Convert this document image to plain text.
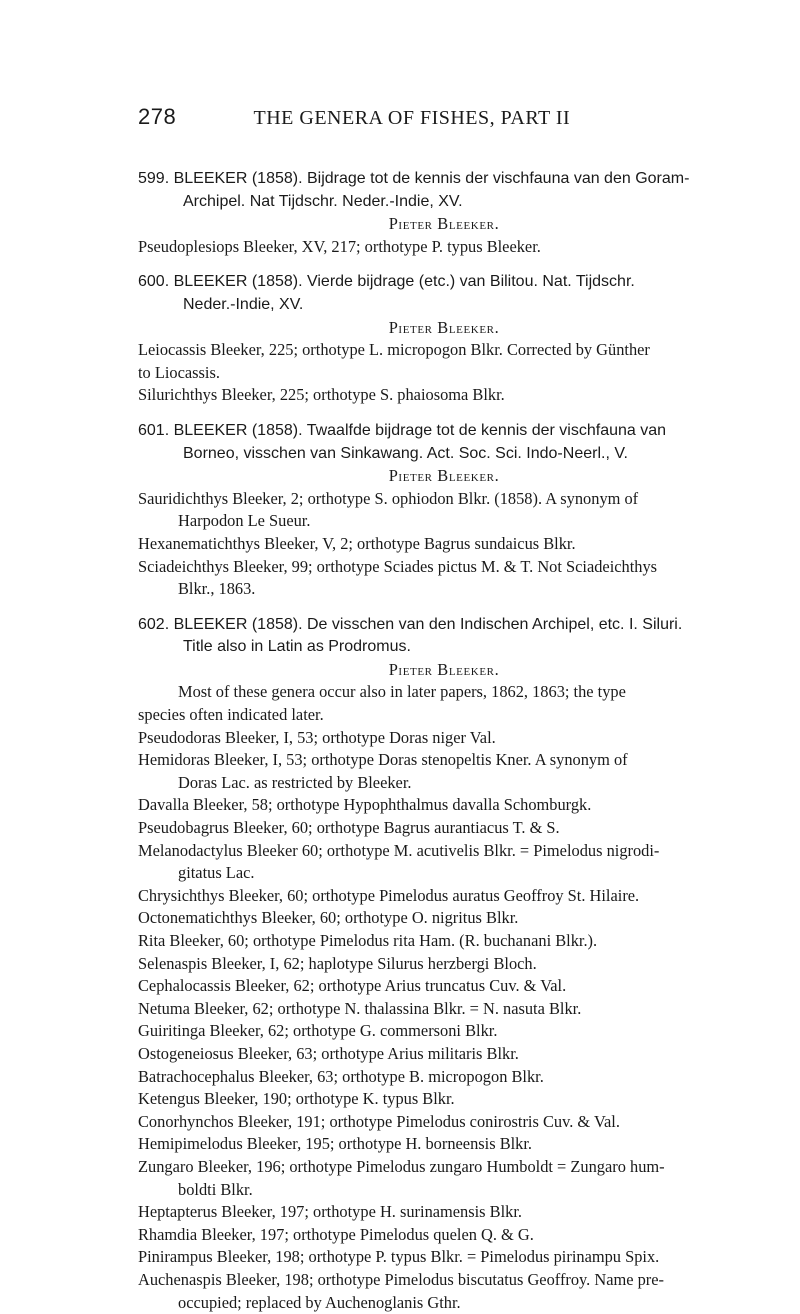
278	THE GENERA OF FISHES, PART II
599. BLEEKER (1858). Bijdrage tot de kennis der vischfauna van den Goram-
Archipel. Nat Tijdschr. Neder.-Indie, XV.
Pieter Bleeker.
Pseudoplesiops Bleeker, XV, 217; orthotype P. typus Bleeker.
600. BLEEKER (1858). Vierde bijdrage (etc.) van Bilitou. Nat. Tijdschr.
Neder.-Indie, XV.
Pieter Bleeker.
Leiocassis Bleeker, 225; orthotype L. micropogon Blkr. Corrected by Günther
to Liocassis.
Silurichthys Bleeker, 225; orthotype S. phaiosoma Blkr.
601. BLEEKER (1858). Twaalfde bijdrage tot de kennis der vischfauna van
Borneo, visschen van Sinkawang. Act. Soc. Sci. Indo-Neerl., V.
Pieter Bleeker.
Sauridichthys Bleeker, 2; orthotype S. ophiodon Blkr. (1858). A synonym of
Harpodon Le Sueur.
Hexanematichthys Bleeker, V, 2; orthotype Bagrus sundaicus Blkr.
Sciadeichthys Bleeker, 99; orthotype Sciades pictus M. & T. Not Sciadeichthys
Blkr., 1863.
602. BLEEKER (1858). De visschen van den Indischen Archipel, etc. I. Siluri.
Title also in Latin as Prodromus.
Pieter Bleeker.
Most of these genera occur also in later papers, 1862, 1863; the type
species often indicated later.
Pseudodoras Bleeker, I, 53; orthotype Doras niger Val.
Hemidoras Bleeker, I, 53; orthotype Doras stenopeltis Kner. A synonym of
Doras Lac. as restricted by Bleeker.
Davalla Bleeker, 58; orthotype Hypophthalmus davalla Schomburgk.
Pseudobagrus Bleeker, 60; orthotype Bagrus aurantiacus T. & S.
Melanodactylus Bleeker 60; orthotype M. acutivelis Blkr. = Pimelodus nigrodi-
gitatus Lac.
Chrysichthys Bleeker, 60; orthotype Pimelodus auratus Geoffroy St. Hilaire.
Octonematichthys Bleeker, 60; orthotype O. nigritus Blkr.
Rita Bleeker, 60; orthotype Pimelodus rita Ham. (R. buchanani Blkr.).
Selenaspis Bleeker, I, 62; haplotype Silurus herzbergi Bloch.
Cephalocassis Bleeker, 62; orthotype Arius truncatus Cuv. & Val.
Netuma Bleeker, 62; orthotype N. thalassina Blkr. = N. nasuta Blkr.
Guiritinga Bleeker, 62; orthotype G. commersoni Blkr.
Ostogeneiosus Bleeker, 63; orthotype Arius militaris Blkr.
Batrachocephalus Bleeker, 63; orthotype B. micropogon Blkr.
Ketengus Bleeker, 190; orthotype K. typus Blkr.
Conorhynchos Bleeker, 191; orthotype Pimelodus conirostris Cuv. & Val.
Hemipimelodus Bleeker, 195; orthotype H. borneensis Blkr.
Zungaro Bleeker, 196; orthotype Pimelodus zungaro Humboldt = Zungaro hum-
boldti Blkr.
Heptapterus Bleeker, 197; orthotype H. surinamensis Blkr.
Rhamdia Bleeker, 197; orthotype Pimelodus quelen Q. & G.
Pinirampus Bleeker, 198; orthotype P. typus Blkr. = Pimelodus pirinampu Spix.
Auchenaspis Bleeker, 198; orthotype Pimelodus biscutatus Geoffroy. Name pre-
occupied; replaced by Auchenoglanis Gthr.
